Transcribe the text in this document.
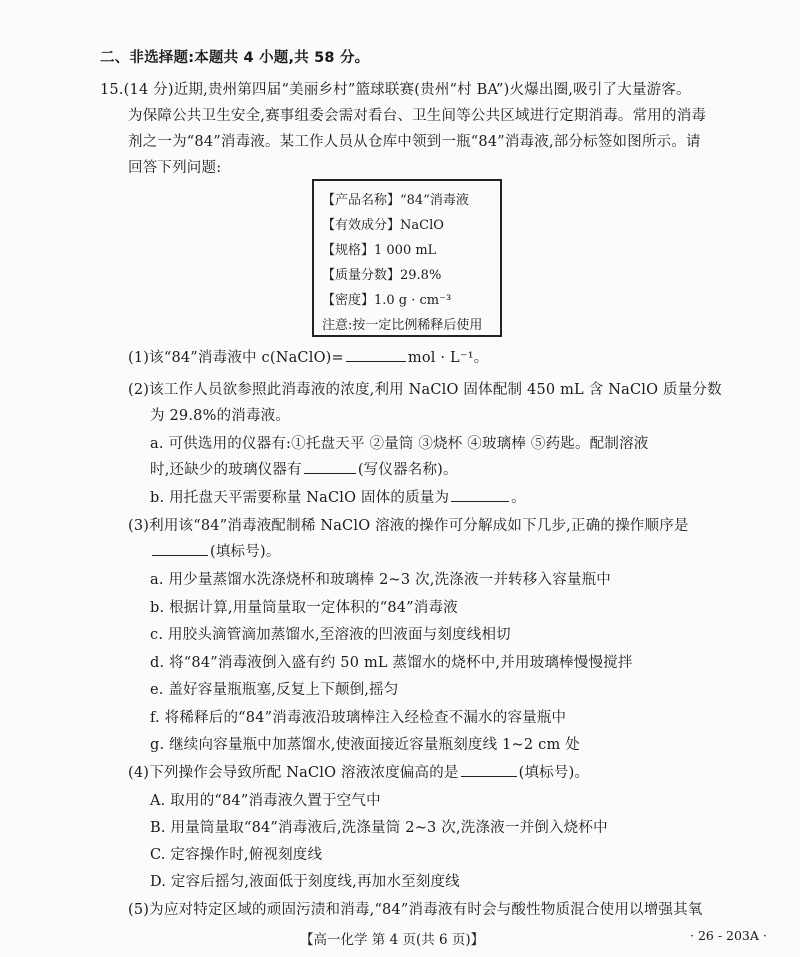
二、非选择题:本题共 4 小题,共 58 分。
15.(14 分)近期,贵州第四届“美丽乡村”篮球联赛(贵州“村 BA”)火爆出圈,吸引了大量游客。
为保障公共卫生安全,赛事组委会需对看台、卫生间等公共区域进行定期消毒。常用的消毒
剂之一为“84”消毒液。某工作人员从仓库中领到一瓶“84”消毒液,部分标签如图所示。请
回答下列问题:
【产品名称】“84”消毒液
【有效成分】NaClO
【规格】1 000 mL
【质量分数】29.8%
【密度】1.0 g · cm⁻³
注意:按一定比例稀释后使用
(1)该“84”消毒液中 c(NaClO)=	mol · L⁻¹。
(2)该工作人员欲参照此消毒液的浓度,利用 NaClO 固体配制 450 mL 含 NaClO 质量分数
为 29.8%的消毒液。
a. 可供选用的仪器有:①托盘天平 ②量筒 ③烧杯 ④玻璃棒 ⑤药匙。配制溶液
时,还缺少的玻璃仪器有	(写仪器名称)。
b. 用托盘天平需要称量 NaClO 固体的质量为	。
(3)利用该“84”消毒液配制稀 NaClO 溶液的操作可分解成如下几步,正确的操作顺序是
(填标号)。
a. 用少量蒸馏水洗涤烧杯和玻璃棒 2~3 次,洗涤液一并转移入容量瓶中
b. 根据计算,用量筒量取一定体积的“84”消毒液
c. 用胶头滴管滴加蒸馏水,至溶液的凹液面与刻度线相切
d. 将“84”消毒液倒入盛有约 50 mL 蒸馏水的烧杯中,并用玻璃棒慢慢搅拌
e. 盖好容量瓶瓶塞,反复上下颠倒,摇匀
f. 将稀释后的“84”消毒液沿玻璃棒注入经检查不漏水的容量瓶中
g. 继续向容量瓶中加蒸馏水,使液面接近容量瓶刻度线 1~2 cm 处
(4)下列操作会导致所配 NaClO 溶液浓度偏高的是	(填标号)。
A. 取用的“84”消毒液久置于空气中
B. 用量筒量取“84”消毒液后,洗涤量筒 2~3 次,洗涤液一并倒入烧杯中
C. 定容操作时,俯视刻度线
D. 定容后摇匀,液面低于刻度线,再加水至刻度线
(5)为应对特定区域的顽固污渍和消毒,“84”消毒液有时会与酸性物质混合使用以增强其氧
【高一化学 第 4 页(共 6 页)】	· 26 - 203A ·
